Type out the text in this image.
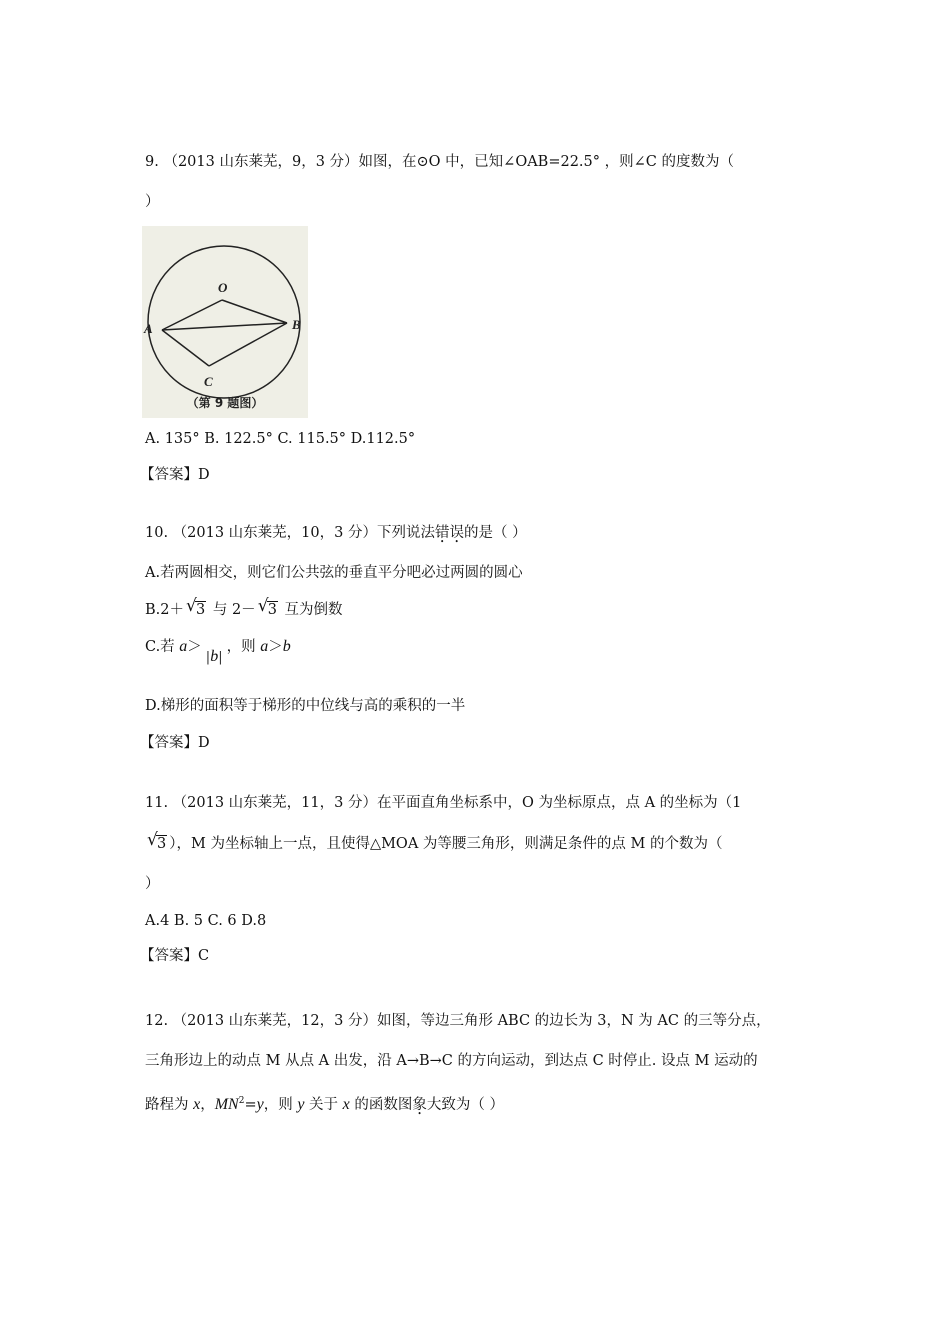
9. （2013 山东莱芜，9，3 分）如图，在⊙O 中，已知∠OAB=22.5° ，则∠C 的度数为（
）
O
A	B
C
（第 9 题图）
A. 135° B. 122.5° C. 115.5° D.112.5°
【答案】D
10. （2013 山东莱芜，10，3 分）下列说法错误的是（ ）
A.若两圆相交，则它们公共弦的垂直平分吧必过两圆的圆心
B.2＋ √ 3 与 2－ √ 3 互为倒数
C.若 a＞|b|，则 a＞b
D.梯形的面积等于梯形的中位线与高的乘积的一半
【答案】D
11. （2013 山东莱芜，11，3 分）在平面直角坐标系中，O 为坐标原点，点 A 的坐标为（1
√ 3 ），M 为坐标轴上一点，且使得△MOA 为等腰三角形，则满足条件的点 M 的个数为（
）
A.4 B. 5 C. 6 D.8
【答案】C
12. （2013 山东莱芜，12，3 分）如图，等边三角形 ABC 的边长为 3，N 为 AC 的三等分点，
三角形边上的动点 M 从点 A 出发，沿 A→B→C 的方向运动，到达点 C 时停止. 设点 M 运动的
路程为 x，$MN^2=y$，则 y 关于 x 的函数图象大致为（ ）
